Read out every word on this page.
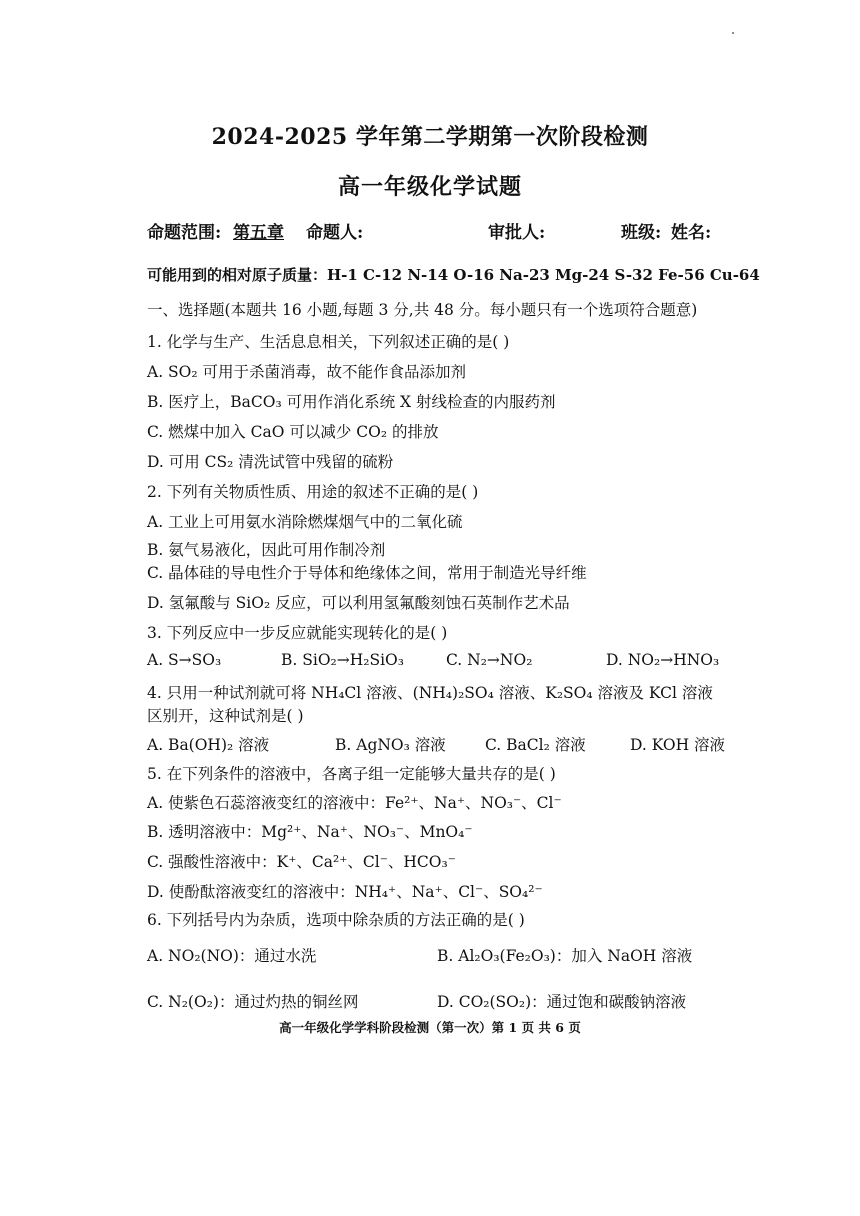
2024-2025 学年第二学期第一次阶段检测
高一年级化学试题
命题范围: 第五章 命题人:	审批人:	班级: 姓名:
可能用到的相对原子质量：H-1 C-12 N-14 O-16 Na-23 Mg-24 S-32 Fe-56 Cu-64
一、选择题(本题共 16 小题,每题 3 分,共 48 分。每小题只有一个选项符合题意)
1. 化学与生产、生活息息相关，下列叙述正确的是( )
A. SO₂ 可用于杀菌消毒，故不能作食品添加剂
B. 医疗上，BaCO₃ 可用作消化系统 X 射线检查的内服药剂
C. 燃煤中加入 CaO 可以减少 CO₂ 的排放
D. 可用 CS₂ 清洗试管中残留的硫粉
2. 下列有关物质性质、用途的叙述不正确的是( )
A. 工业上可用氨水消除燃煤烟气中的二氧化硫
B. 氨气易液化，因此可用作制冷剂
C. 晶体硅的导电性介于导体和绝缘体之间，常用于制造光导纤维
D. 氢氟酸与 SiO₂ 反应，可以利用氢氟酸刻蚀石英制作艺术品
3. 下列反应中一步反应就能实现转化的是( )
A. S→SO₃	B. SiO₂→H₂SiO₃	C. N₂→NO₂	D. NO₂→HNO₃
4. 只用一种试剂就可将 NH₄Cl 溶液、(NH₄)₂SO₄ 溶液、K₂SO₄ 溶液及 KCl 溶液
区别开，这种试剂是( )
A. Ba(OH)₂ 溶液	B. AgNO₃ 溶液	C. BaCl₂ 溶液	D. KOH 溶液
5. 在下列条件的溶液中，各离子组一定能够大量共存的是( )
A. 使紫色石蕊溶液变红的溶液中：Fe²⁺、Na⁺、NO₃⁻、Cl⁻
B. 透明溶液中：Mg²⁺、Na⁺、NO₃⁻、MnO₄⁻
C. 强酸性溶液中：K⁺、Ca²⁺、Cl⁻、HCO₃⁻
D. 使酚酞溶液变红的溶液中：NH₄⁺、Na⁺、Cl⁻、SO₄²⁻
6. 下列括号内为杂质，选项中除杂质的方法正确的是( )
A. NO₂(NO)：通过水洗	B. Al₂O₃(Fe₂O₃)：加入 NaOH 溶液
C. N₂(O₂)：通过灼热的铜丝网	D. CO₂(SO₂)：通过饱和碳酸钠溶液
高一年级化学学科阶段检测（第一次）第 1 页 共 6 页
